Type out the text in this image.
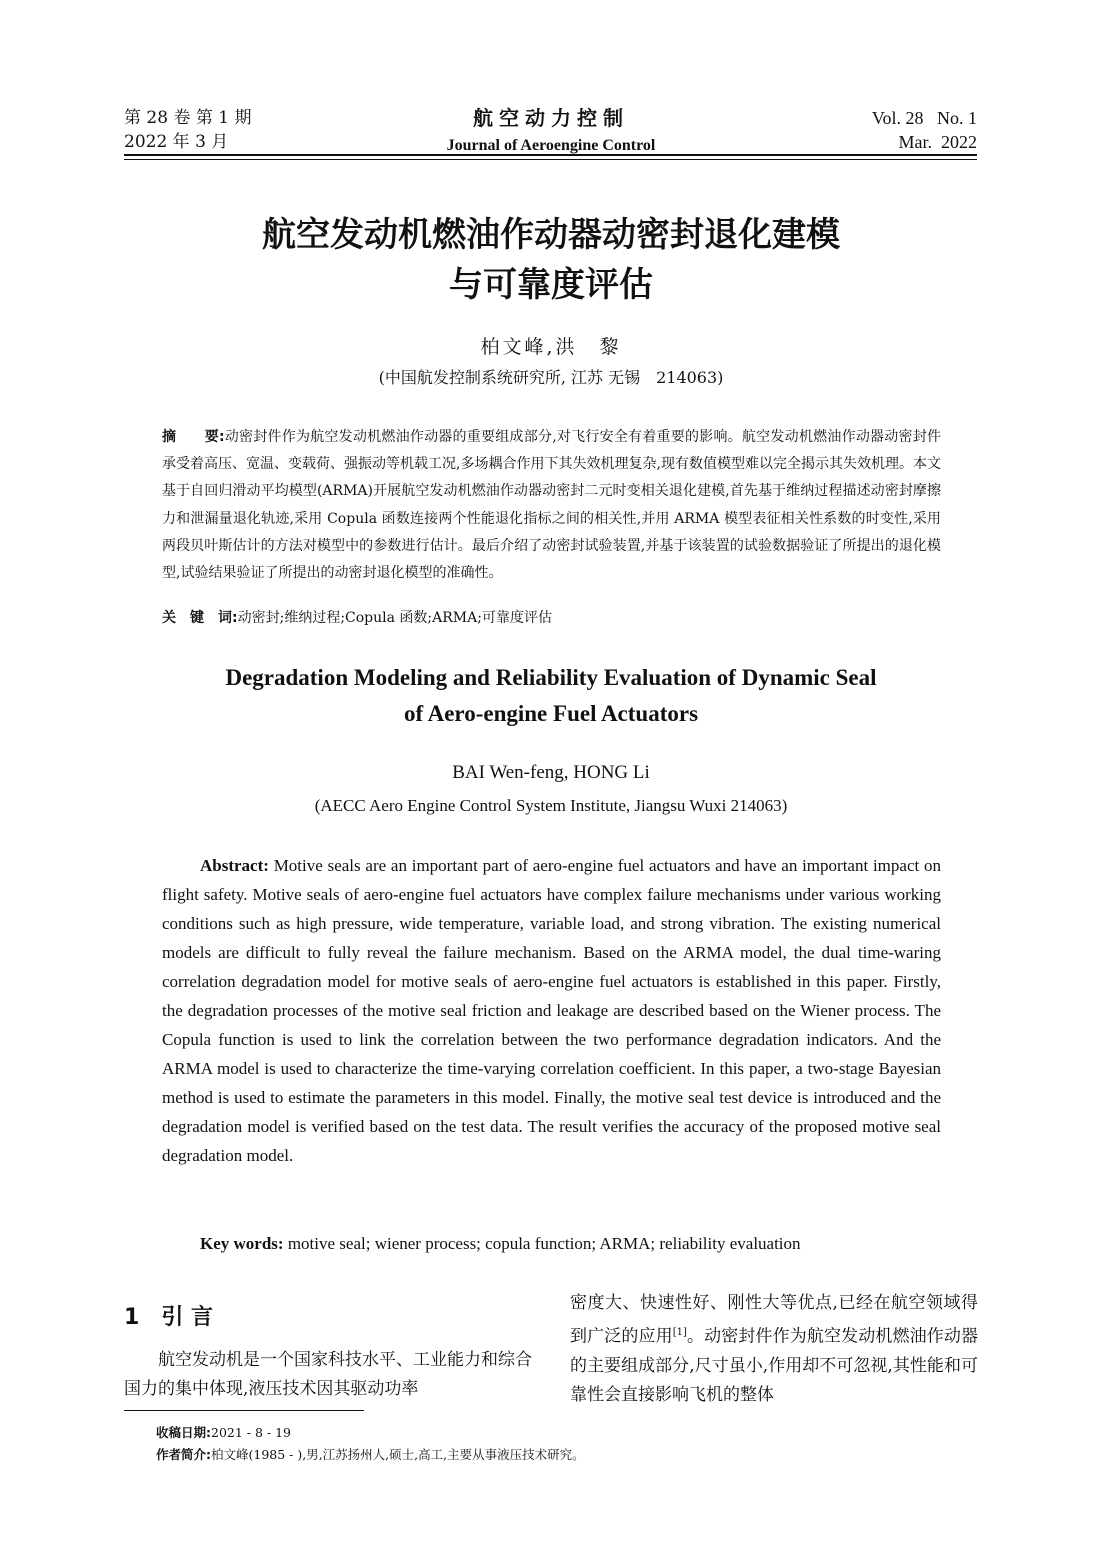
第 28 卷 第 1 期
2022 年 3 月
航空动力控制
Journal of Aeroengine Control
Vol. 28   No. 1
Mar.  2022
航空发动机燃油作动器动密封退化建模
与可靠度评估
柏文峰,洪　黎
(中国航发控制系统研究所, 江苏 无锡　214063)
摘　　要:动密封件作为航空发动机燃油作动器的重要组成部分,对飞行安全有着重要的影响。航空发动机燃油作动器动密封件承受着高压、宽温、变载荷、强振动等机载工况,多场耦合作用下其失效机理复杂,现有数值模型难以完全揭示其失效机理。本文基于自回归滑动平均模型(ARMA)开展航空发动机燃油作动器动密封二元时变相关退化建模,首先基于维纳过程描述动密封摩擦力和泄漏量退化轨迹,采用 Copula 函数连接两个性能退化指标之间的相关性,并用 ARMA 模型表征相关性系数的时变性,采用两段贝叶斯估计的方法对模型中的参数进行估计。最后介绍了动密封试验装置,并基于该装置的试验数据验证了所提出的退化模型,试验结果验证了所提出的动密封退化模型的准确性。
关　键　词:动密封;维纳过程;Copula 函数;ARMA;可靠度评估
Degradation Modeling and Reliability Evaluation of Dynamic Seal
of Aero-engine Fuel Actuators
BAI Wen-feng, HONG Li
(AECC Aero Engine Control System Institute, Jiangsu Wuxi 214063)
Abstract: Motive seals are an important part of aero-engine fuel actuators and have an important impact on flight safety. Motive seals of aero-engine fuel actuators have complex failure mechanisms under various working conditions such as high pressure, wide temperature, variable load, and strong vibration. The existing numerical models are difficult to fully reveal the failure mechanism. Based on the ARMA model, the dual time-waring correlation degradation model for motive seals of aero-engine fuel actuators is established in this paper. Firstly, the degradation processes of the motive seal friction and leakage are described based on the Wiener process. The Copula function is used to link the correlation between the two performance degradation indicators. And the ARMA model is used to characterize the time-varying correlation coefficient. In this paper, a two-stage Bayesian method is used to estimate the parameters in this model. Finally, the motive seal test device is introduced and the degradation model is verified based on the test data. The result verifies the accuracy of the proposed motive seal degradation model.
Key words: motive seal; wiener process; copula function; ARMA; reliability evaluation
1 引 言
　　航空发动机是一个国家科技水平、工业能力和综合国力的集中体现,液压技术因其驱动功率
密度大、快速性好、刚性大等优点,已经在航空领域得到广泛的应用[1]。动密封件作为航空发动机燃油作动器的主要组成部分,尺寸虽小,作用却不可忽视,其性能和可靠性会直接影响飞机的整体
收稿日期:2021 - 8 - 19
作者简介:柏文峰(1985 - ),男,江苏扬州人,硕士,高工,主要从事液压技术研究。
